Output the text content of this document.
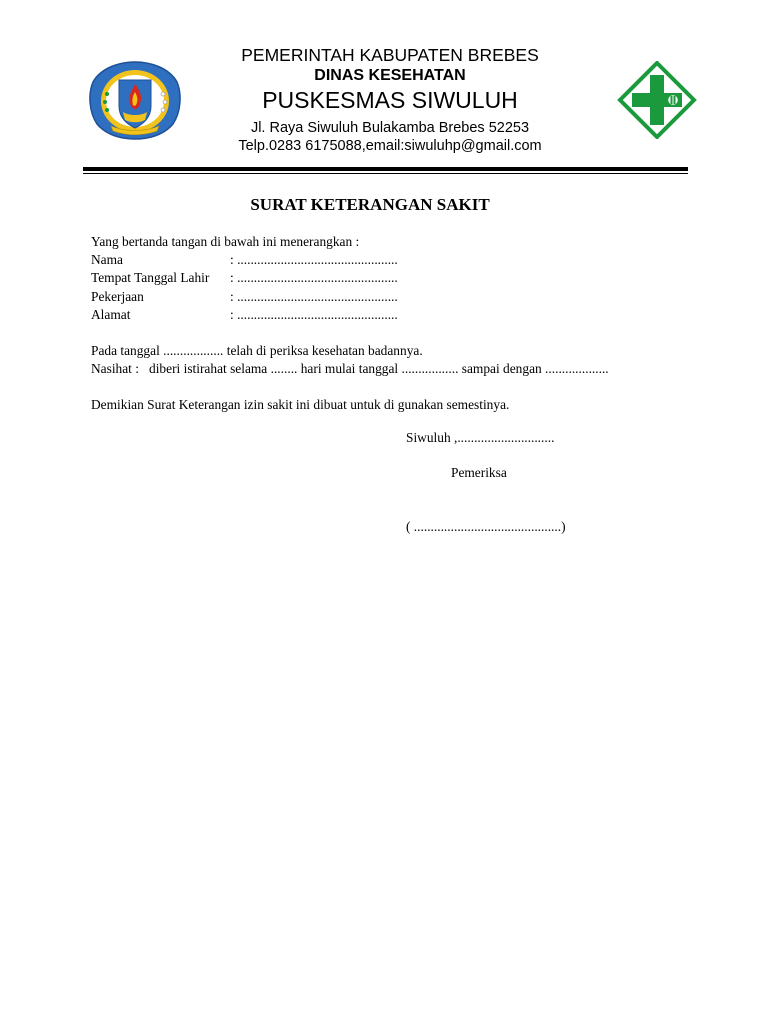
PEMERINTAH KABUPATEN BREBES
DINAS KESEHATAN
PUSKESMAS SIWULUH
Jl. Raya Siwuluh Bulakamba Brebes 52253
Telp.0283 6175088,email:siwuluhp@gmail.com
SURAT KETERANGAN SAKIT
Yang bertanda tangan di bawah ini menerangkan :
Nama	: ................................................
Tempat Tanggal Lahir : ................................................
Pekerjaan	: ................................................
Alamat	: ................................................
Pada tanggal .................. telah di periksa kesehatan badannya.
Nasihat :   diberi istirahat selama ........ hari mulai tanggal ................. sampai dengan ...................
Demikian Surat Keterangan izin sakit ini dibuat untuk di gunakan semestinya.
Siwuluh ,.............................
Pemeriksa
( ............................................)
